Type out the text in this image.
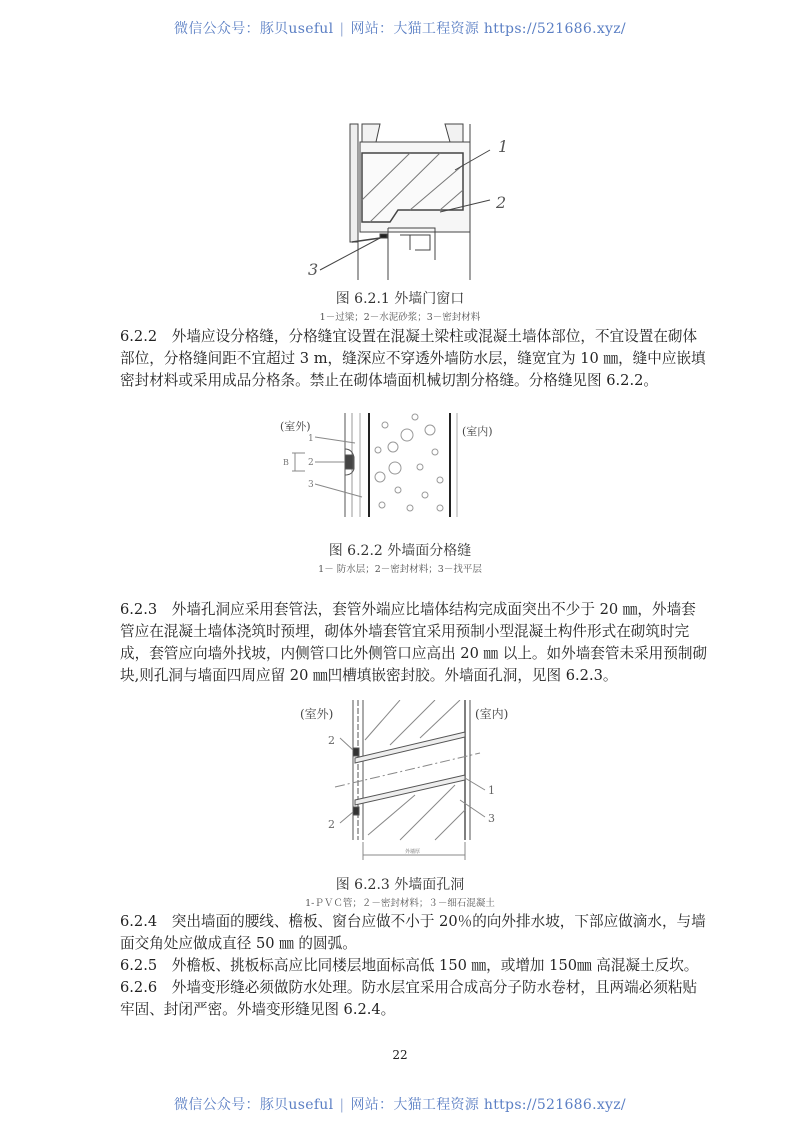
微信公众号：豚贝useful | 网站：大猫工程资源 https://521686.xyz/
1
2
3
图 6.2.1 外墙门窗口
1－过梁；2－水泥砂浆；3－密封材料
6.2.2　外墙应设分格缝，分格缝宜设置在混凝土梁柱或混凝土墙体部位，不宜设置在砌体
部位，分格缝间距不宜超过 3 m，缝深应不穿透外墙防水层，缝宽宜为 10 ㎜，缝中应嵌填
密封材料或采用成品分格条。禁止在砌体墙面机械切割分格缝。分格缝见图 6.2.2。
(室外)	(室内)
1
2
3
B
图 6.2.2 外墙面分格缝
1－ 防水层；2－密封材料；3－找平层
6.2.3　外墙孔洞应采用套管法，套管外端应比墙体结构完成面突出不少于 20 ㎜，外墙套
管应在混凝土墙体浇筑时预埋，砌体外墙套管宜采用预制小型混凝土构件形式在砌筑时完
成，套管应向墙外找坡，内侧管口比外侧管口应高出 20 ㎜ 以上。如外墙套管未采用预制砌
块,则孔洞与墙面四周应留 20 ㎜凹槽填嵌密封胶。外墙面孔洞，见图 6.2.3。
(室外)	(室内)
2
2
1
3
外墙厚
图 6.2.3 外墙面孔洞
1-ＰＶＣ管；２－密封材料；３－细石混凝土
6.2.4　突出墙面的腰线、檐板、窗台应做不小于 20％的向外排水坡，下部应做滴水，与墙
面交角处应做成直径 50 ㎜ 的圆弧。
6.2.5　外檐板、挑板标高应比同楼层地面标高低 150 ㎜，或增加 150㎜ 高混凝土反坎。
6.2.6　外墙变形缝必须做防水处理。防水层宜采用合成高分子防水卷材，且两端必须粘贴
牢固、封闭严密。外墙变形缝见图 6.2.4。
22
微信公众号：豚贝useful | 网站：大猫工程资源 https://521686.xyz/
